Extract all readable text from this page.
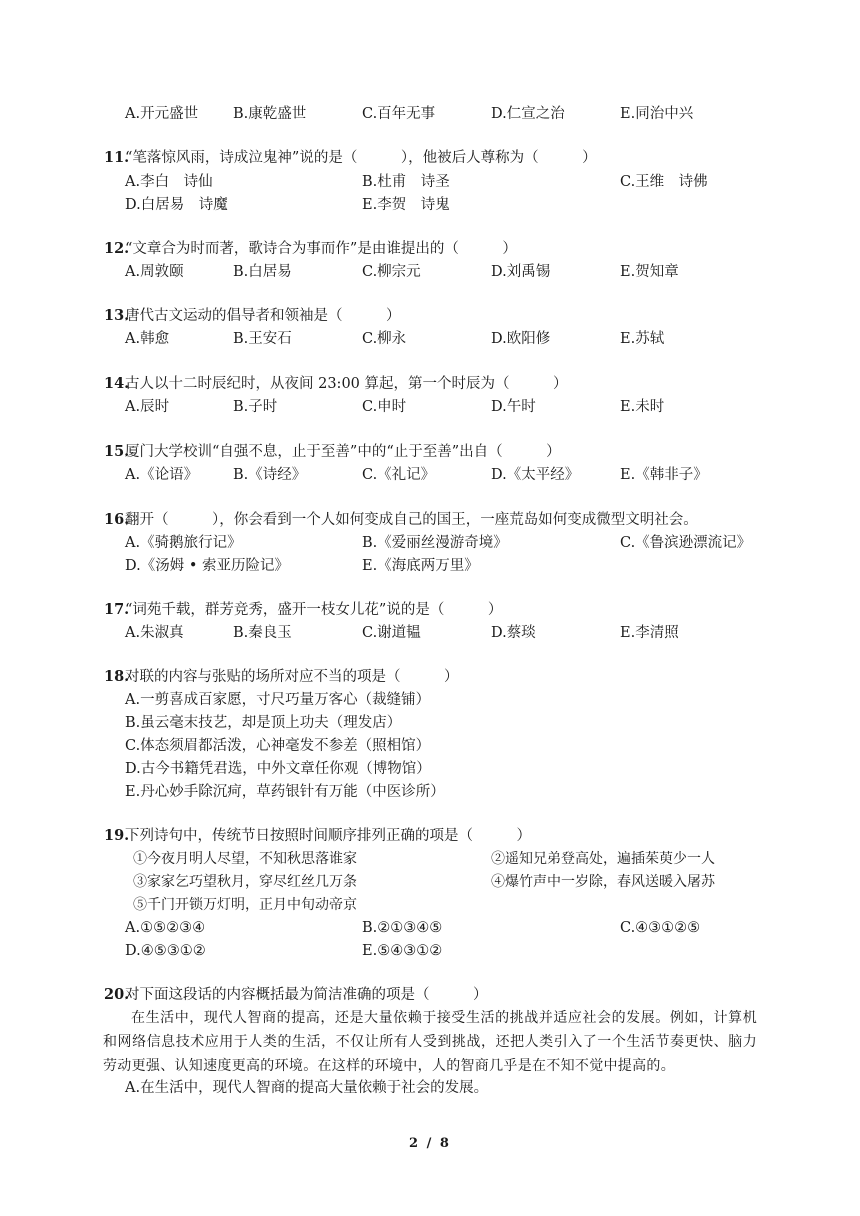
A.开元盛世 B.康乾盛世	C.百年无事	D.仁宣之治	E.同治中兴
11.
“笔落惊风雨，诗成泣鬼神”说的是（　　　），他被后人尊称为（　　　）
A.李白　诗仙	B.杜甫　诗圣	C.王维　诗佛
D.白居易　诗魔	E.李贺　诗鬼
12.
“文章合为时而著，歌诗合为事而作”是由谁提出的（　　　）
A.周敦颐	B.白居易	C.柳宗元	D.刘禹锡	E.贺知章
13.
唐代古文运动的倡导者和领袖是（　　　）
A.韩愈	B.王安石	C.柳永	D.欧阳修	E.苏轼
14.
古人以十二时辰纪时，从夜间 23:00 算起，第一个时辰为（　　　）
A.辰时	B.子时	C.申时	D.午时	E.未时
15.
厦门大学校训“自强不息，止于至善”中的“止于至善”出自（　　　）
A.《论语》 B.《诗经》	C.《礼记》	D.《太平经》	E.《韩非子》
16.
翻开（　　　），你会看到一个人如何变成自己的国王，一座荒岛如何变成微型文明社会。
A.《骑鹅旅行记》	B.《爱丽丝漫游奇境》	C.《鲁滨逊漂流记》
D.《汤姆 • 索亚历险记》	E.《海底两万里》
17.
“词苑千载，群芳竞秀，盛开一枝女儿花”说的是（　　　）
A.朱淑真	B.秦良玉	C.谢道韫	D.蔡琰	E.李清照
18.
对联的内容与张贴的场所对应不当的项是（　　　）
A.一剪喜成百家愿，寸尺巧量万客心（裁缝铺）
B.虽云毫末技艺，却是顶上功夫（理发店）
C.体态须眉都活泼，心神毫发不参差（照相馆）
D.古今书籍凭君选，中外文章任你观（博物馆）
E.丹心妙手除沉疴，草药银针有万能（中医诊所）
19.
下列诗句中，传统节日按照时间顺序排列正确的项是（　　　）
①今夜月明人尽望，不知秋思落谁家	②遥知兄弟登高处，遍插茱萸少一人
③家家乞巧望秋月，穿尽红丝几万条	④爆竹声中一岁除，春风送暖入屠苏
⑤千门开锁万灯明，正月中旬动帝京
A.①⑤②③④	B.②①③④⑤	C.④③①②⑤
D.④⑤③①②	E.⑤④③①②
20.
对下面这段话的内容概括最为简洁准确的项是（　　　）
在生活中，现代人智商的提高，还是大量依赖于接受生活的挑战并适应社会的发展。例如，计算机和网络信息技术应用于人类的生活，不仅让所有人受到挑战，还把人类引入了一个生活节奏更快、脑力劳动更强、认知速度更高的环境。在这样的环境中，人的智商几乎是在不知不觉中提高的。
A.在生活中，现代人智商的提高大量依赖于社会的发展。
2 / 8
